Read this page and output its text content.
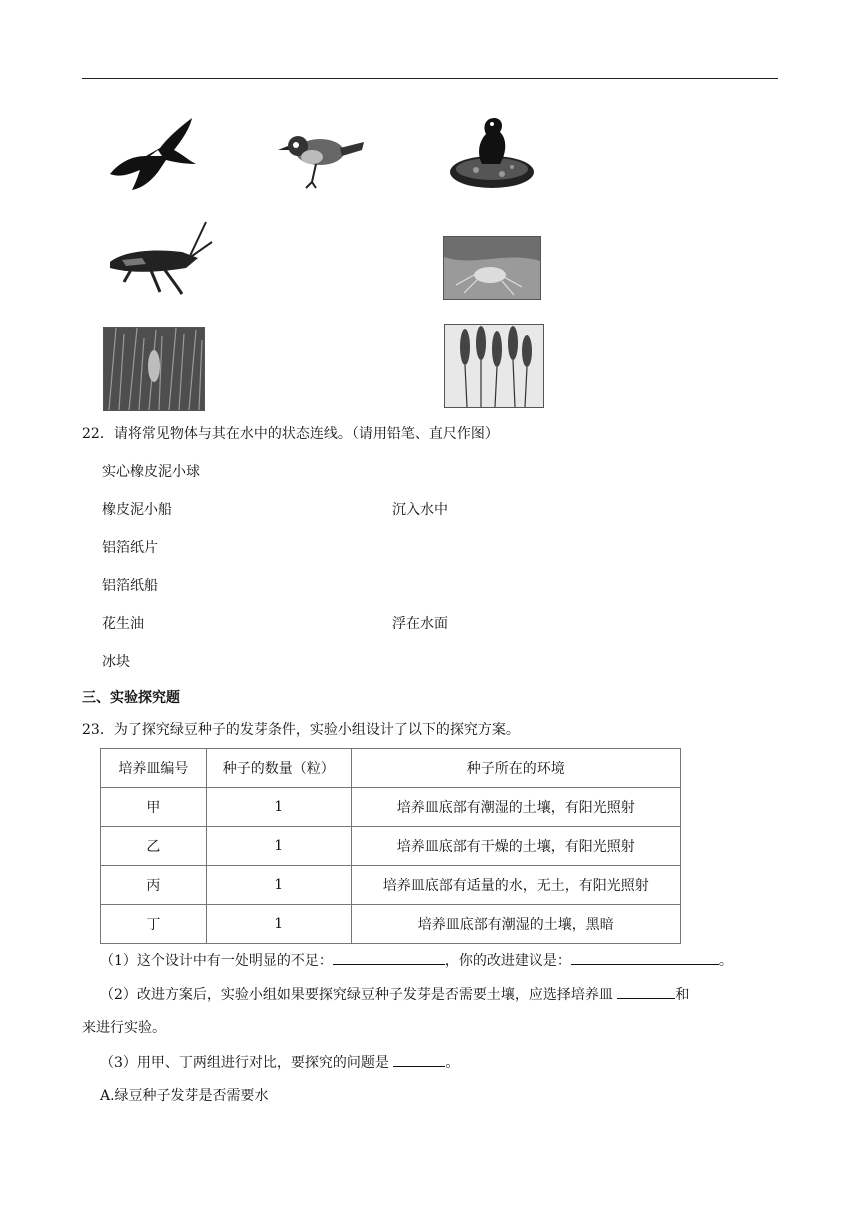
22．请将常见物体与其在水中的状态连线。（请用铅笔、直尺作图）
实心橡皮泥小球
橡皮泥小船	沉入水中
铝箔纸片
铝箔纸船
花生油	浮在水面
冰块
三、实验探究题
23．为了探究绿豆种子的发芽条件，实验小组设计了以下的探究方案。
培养皿编号	种子的数量（粒）	种子所在的环境
甲	1	培养皿底部有潮湿的土壤，有阳光照射
乙	1	培养皿底部有干燥的土壤，有阳光照射
丙	1	培养皿底部有适量的水，无土，有阳光照射
丁	1	培养皿底部有潮湿的土壤，黑暗
（1）这个设计中有一处明显的不足：	，你的改进建议是：	。
（2）改进方案后，实验小组如果要探究绿豆种子发芽是否需要土壤，应选择培养皿	和
来进行实验。
（3）用甲、丁两组进行对比，要探究的问题是	。
A.绿豆种子发芽是否需要水
